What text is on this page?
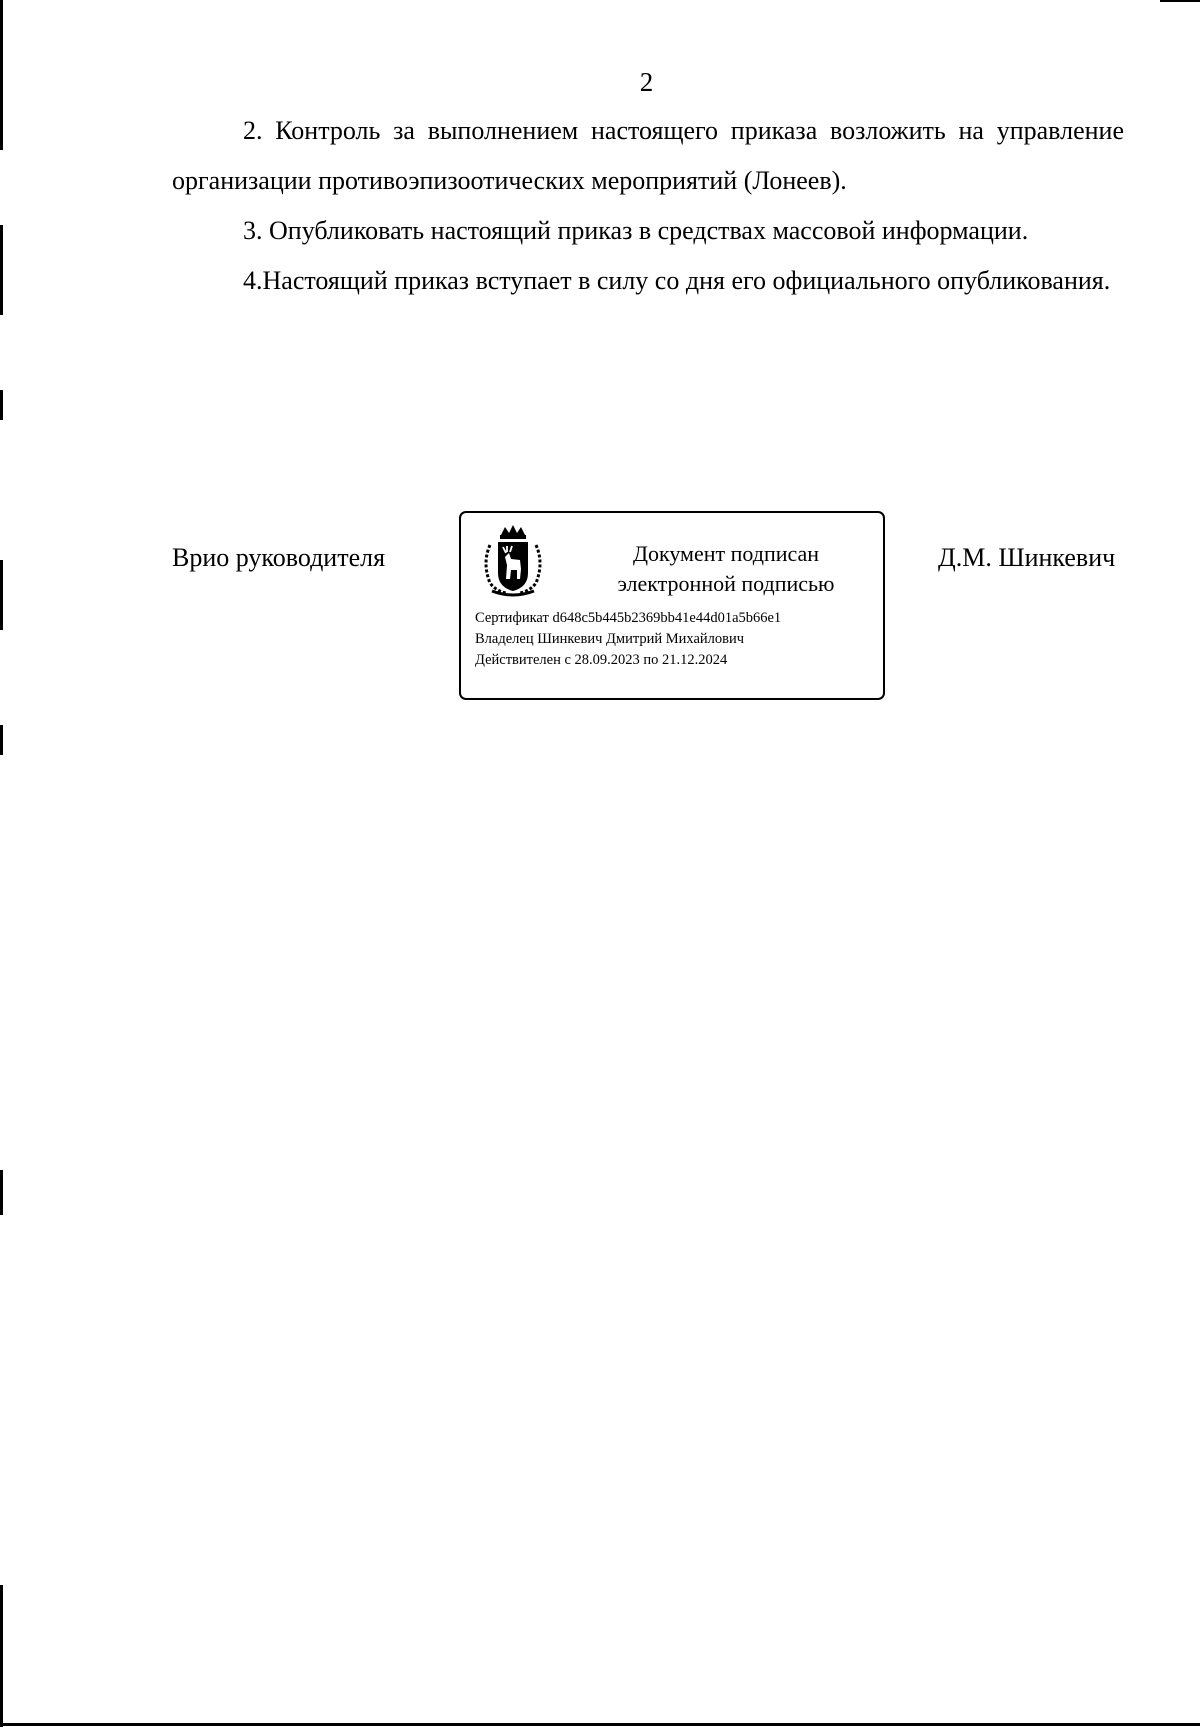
2

2. Контроль за выполнением настоящего приказа возложить на управление организации противоэпизоотических мероприятий (Лонеев).

3. Опубликовать настоящий приказ в средствах массовой информации.

4.Настоящий приказ вступает в силу со дня его официального опубликования.

Врио руководителя	Документ подписан
электронной подписью
Сертификат d648c5b445b2369bb41e44d01a5b66e1
Владелец Шинкевич Дмитрий Михайлович
Действителен с 28.09.2023 по 21.12.2024
Д.М. Шинкевич
